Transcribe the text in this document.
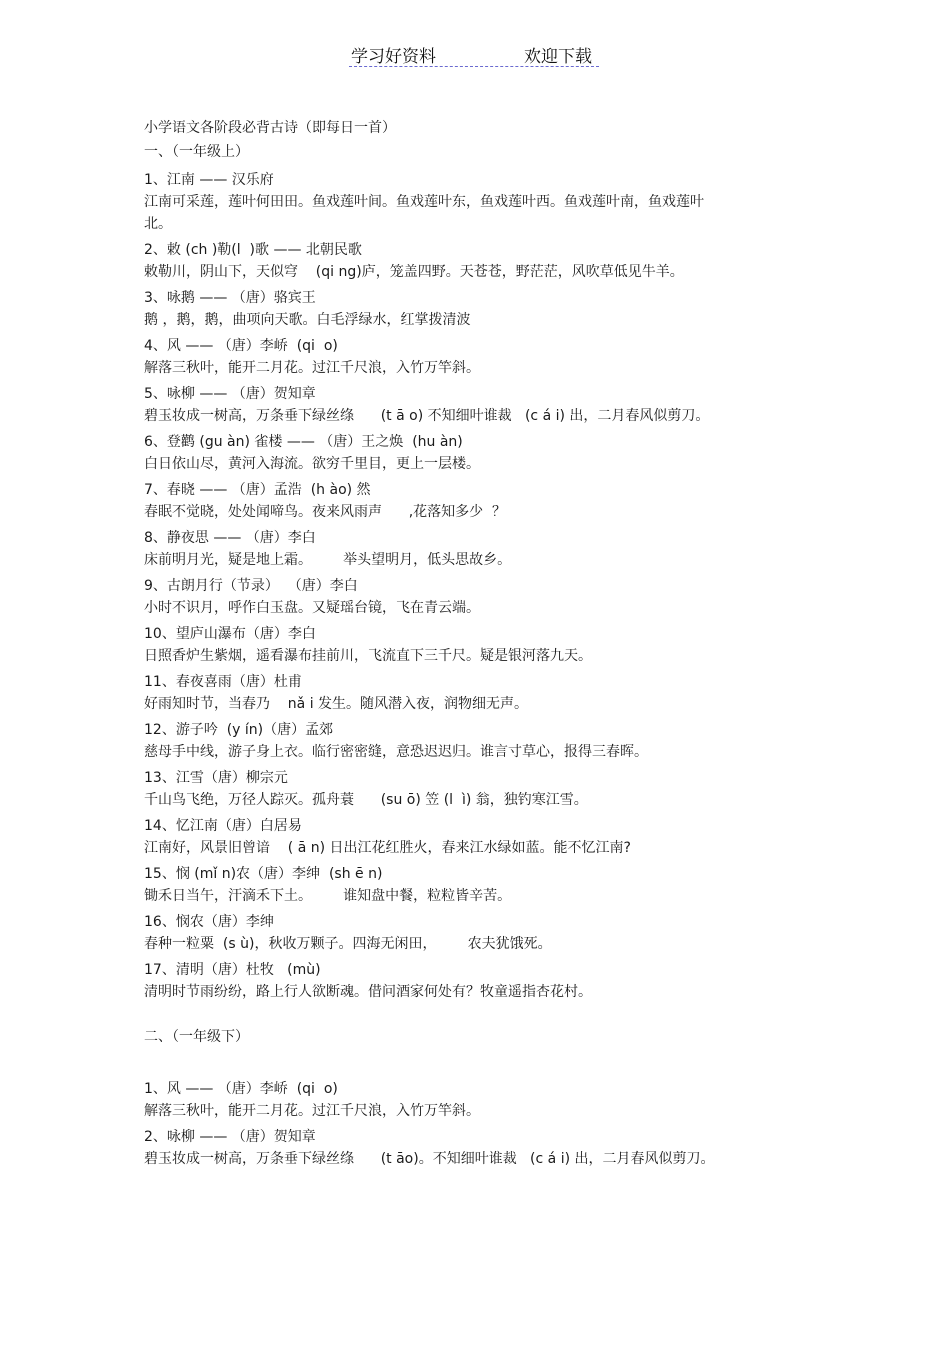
学习好资料	欢迎下载
小学语文各阶段必背古诗（即每日一首）
一、（一年级上）
1、江南 —— 汉乐府
江南可采莲，莲叶何田田。鱼戏莲叶间。鱼戏莲叶东，鱼戏莲叶西。鱼戏莲叶南，鱼戏莲叶
北。
2、敕 (ch )勒(l  )歌 —— 北朝民歌
敕勒川，阴山下，天似穹    (qi ng)庐，笼盖四野。天苍苍，野茫茫，风吹草低见牛羊。
3、咏鹅 —— （唐）骆宾王
鹅 ，鹅，鹅，曲项向天歌。白毛浮绿水，红掌拨清波
4、风 —— （唐）李峤  (qi  o)
解落三秋叶，能开二月花。过江千尺浪，入竹万竿斜。
5、咏柳 —— （唐）贺知章
碧玉妆成一树高，万条垂下绿丝绦      (t ā o) 不知细叶谁裁   (c á i) 出，二月春风似剪刀。
6、登鹳 (gu àn) 雀楼 —— （唐）王之焕  (hu àn)
白日依山尽，黄河入海流。欲穷千里目，更上一层楼。
7、春晓 —— （唐）孟浩  (h ào) 然
春眠不觉晓，处处闻啼鸟。夜来风雨声      ,花落知多少  ？
8、静夜思 —— （唐）李白
床前明月光，疑是地上霜。       举头望明月，低头思故乡。
9、古朗月行（节录）  （唐）李白
小时不识月，呼作白玉盘。又疑瑶台镜，飞在青云端。
10、望庐山瀑布（唐）李白
日照香炉生紫烟，遥看瀑布挂前川，飞流直下三千尺。疑是银河落九天。
11、春夜喜雨（唐）杜甫
好雨知时节，当春乃    nǎ i 发生。随风潜入夜，润物细无声。
12、游子吟  (y ín)（唐）孟郊
慈母手中线，游子身上衣。临行密密缝，意恐迟迟归。谁言寸草心，报得三春晖。
13、江雪（唐）柳宗元
千山鸟飞绝，万径人踪灭。孤舟蓑      (su ō) 笠 (l  ì) 翁，独钓寒江雪。
14、忆江南（唐）白居易
江南好，风景旧曾谙    ( ā n) 日出江花红胜火，春来江水绿如蓝。能不忆江南?
15、悯 (mǐ n)农（唐）李绅  (sh ē n)
锄禾日当午，汗滴禾下土。       谁知盘中餐，粒粒皆辛苦。
16、悯农（唐）李绅
春种一粒粟  (s ù)，秋收万颗子。四海无闲田，       农夫犹饿死。
17、清明（唐）杜牧   (mù)
清明时节雨纷纷，路上行人欲断魂。借问酒家何处有？牧童遥指杏花村。
二、（一年级下）
1、风 —— （唐）李峤  (qi  o)
解落三秋叶，能开二月花。过江千尺浪，入竹万竿斜。
2、咏柳 —— （唐）贺知章
碧玉妆成一树高，万条垂下绿丝绦      (t āo)。不知细叶谁裁   (c á i) 出，二月春风似剪刀。
